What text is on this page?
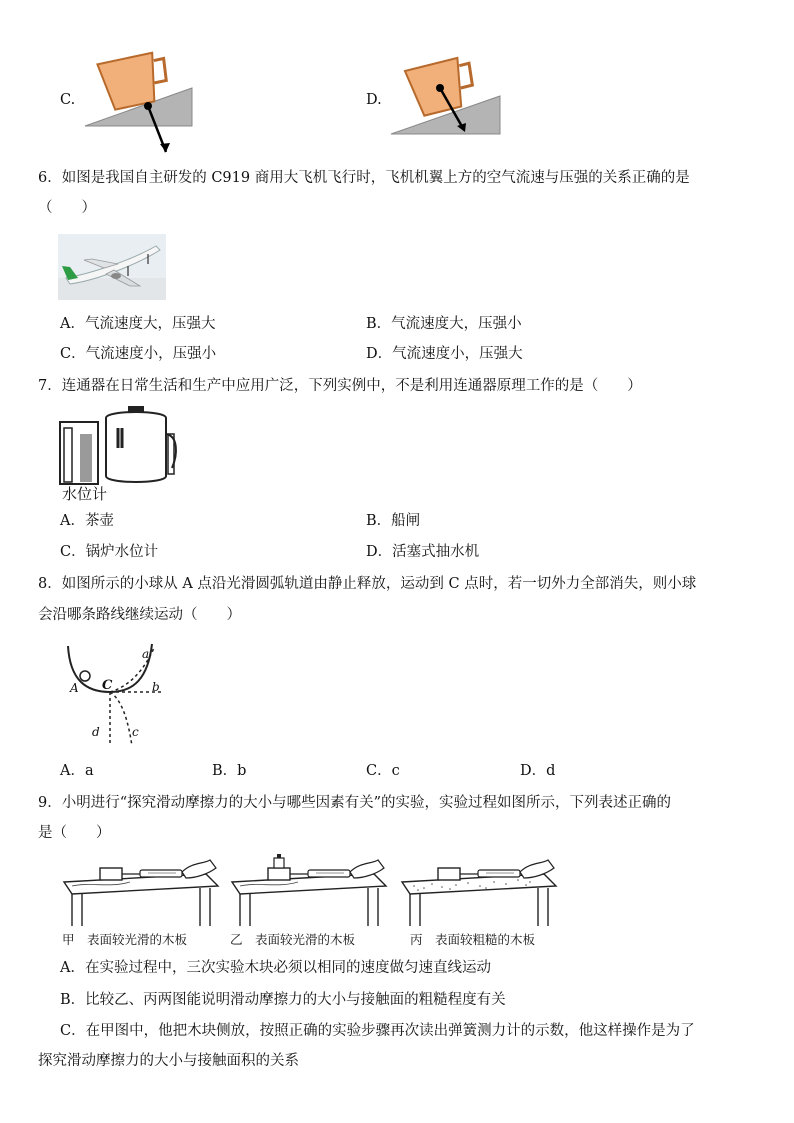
C.	D.
6．如图是我国自主研发的 C919 商用大飞机飞行时，飞机机翼上方的空气流速与压强的关系正确的是
（　　）
A．气流速度大，压强大	B．气流速度大，压强小
C．气流速度小，压强小	D．气流速度小，压强大
7．连通器在日常生活和生产中应用广泛，下列实例中，不是利用连通器原理工作的是（　　）
水位计
A．茶壶	B．船闸
C．锅炉水位计	D．活塞式抽水机
8．如图所示的小球从 A 点沿光滑圆弧轨道由静止释放，运动到 C 点时，若一切外力全部消失，则小球
会沿哪条路线继续运动（　　）
A C
a
b
c
d
A．a	B．b	C．c	D．d
9．小明进行“探究滑动摩擦力的大小与哪些因素有关”的实验，实验过程如图所示，下列表述正确的
是（　　）
甲　表面较光滑的木板	乙　表面较光滑的木板	丙　表面较粗糙的木板
A．在实验过程中，三次实验木块必须以相同的速度做匀速直线运动
B．比较乙、丙两图能说明滑动摩擦力的大小与接触面的粗糙程度有关
C．在甲图中，他把木块侧放，按照正确的实验步骤再次读出弹簧测力计的示数，他这样操作是为了
探究滑动摩擦力的大小与接触面积的关系
